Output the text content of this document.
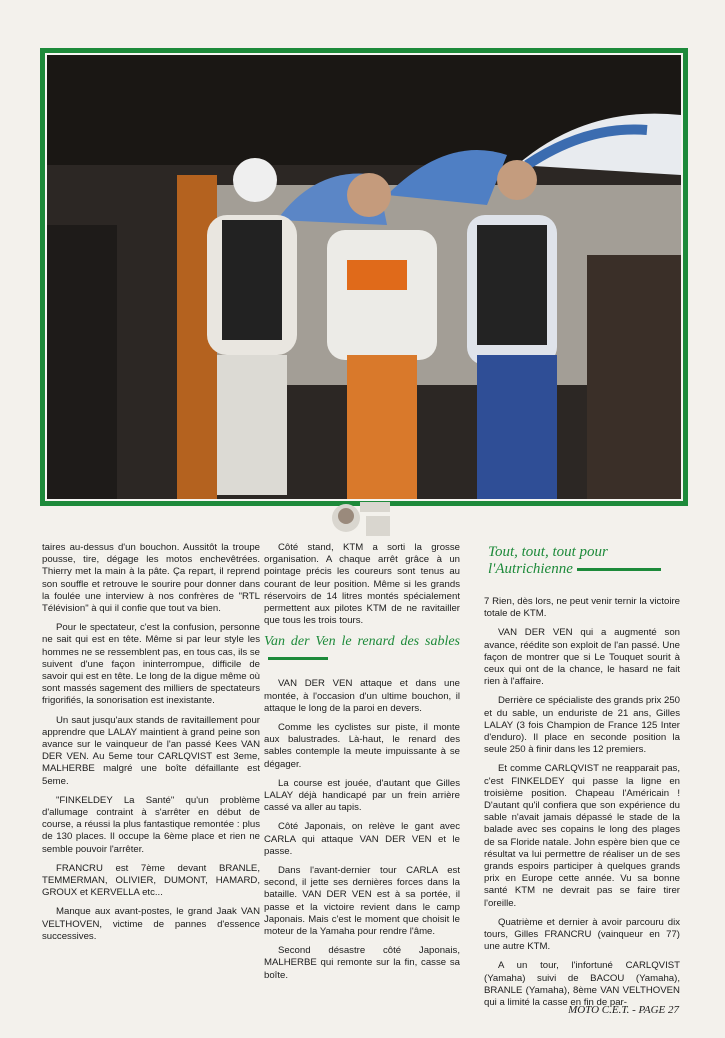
taires au-dessus d'un bouchon. Aussitôt la troupe pousse, tire, dégage les motos enchevêtrées. Thierry met la main à la pâte. Ça repart, il reprend son souffle et retrouve le sourire pour donner dans la foulée une interview à nos confrères de "RTL Télévision" à qui il confie que tout va bien.

Pour le spectateur, c'est la confusion, personne ne sait qui est en tête. Même si par leur style les hommes ne se ressemblent pas, en tous cas, ils se suivent d'une façon ininterrompue, difficile de savoir qui est en tête. Le long de la digue même où sont massés sagement des milliers de spectateurs frigorifiés, la sonorisation est inexistante.

Un saut jusqu'aux stands de ravitaillement pour apprendre que LALAY maintient à grand peine son avance sur le vainqueur de l'an passé Kees VAN DER VEN. Au 5eme tour CARLQVIST est 3eme, MALHERBE malgré une boîte défaillante est 5eme.

"FINKELDEY La Santé" qu'un problème d'allumage contraint à s'arrêter en début de course, a réussi la plus fantastique remontée : plus de 130 places. Il occupe la 6ème place et rien ne semble pouvoir l'arrêter.

FRANCRU est 7ème devant BRANLE, TEMMERMAN, OLIVIER, DUMONT, HAMARD, GROUX et KERVELLA etc...

Manque aux avant-postes, le grand Jaak VAN VELTHOVEN, victime de pannes d'essence successives.

Côté stand, KTM a sorti la grosse organisation. A chaque arrêt grâce à un pointage précis les coureurs sont tenus au courant de leur position. Même si les grands réservoirs de 14 litres montés spécialement permettent aux pilotes KTM de ne ravitailler que tous les trois tours.

Van der Ven le renard des sables

VAN DER VEN attaque et dans une montée, à l'occasion d'un ultime bouchon, il attaque le long de la paroi en devers.

Comme les cyclistes sur piste, il monte aux balustrades. Là-haut, le renard des sables contemple la meute impuissante à se dégager.

La course est jouée, d'autant que Gilles LALAY déjà handicapé par un frein arrière cassé va aller au tapis.

Côté Japonais, on relève le gant avec CARLA qui attaque VAN DER VEN et le passe.

Dans l'avant-dernier tour CARLA est second, il jette ses dernières forces dans la bataille. VAN DER VEN est à sa portée, il passe et la victoire revient dans le camp Japonais. Mais c'est le moment que choisit le moteur de la Yamaha pour rendre l'âme.

Second désastre côté Japonais, MALHERBE qui remonte sur la fin, casse sa boîte.

Tout, tout, tout pour l'Autrichienne

7 Rien, dès lors, ne peut venir ternir la victoire totale de KTM.

VAN DER VEN qui a augmenté son avance, réédite son exploit de l'an passé. Une façon de montrer que si Le Touquet sourit à ceux qui ont de la chance, le hasard ne fait rien à l'affaire.

Derrière ce spécialiste des grands prix 250 et du sable, un enduriste de 21 ans, Gilles LALAY (3 fois Champion de France 125 Inter d'enduro). Il place en seconde position la seule 250 à finir dans les 12 premiers.

Et comme CARLQVIST ne reapparait pas, c'est FINKELDEY qui passe la ligne en troisième position. Chapeau l'Américain ! D'autant qu'il confiera que son expérience du sable n'avait jamais dépassé le stade de la balade avec ses copains le long des plages de sa Floride natale. John espère bien que ce résultat va lui permettre de réaliser un de ses grands espoirs participer à quelques grands prix en Europe cette année. Vu sa bonne santé KTM ne devrait pas se faire tirer l'oreille.

Quatrième et dernier à avoir parcouru dix tours, Gilles FRANCRU (vainqueur en 77) une autre KTM.

A un tour, l'infortuné CARLQVIST (Yamaha) suivi de BACOU (Yamaha), BRANLE (Yamaha), 8ème VAN VELTHOVEN qui a limité la casse en fin de par-

MOTO C.E.T. - PAGE 27
